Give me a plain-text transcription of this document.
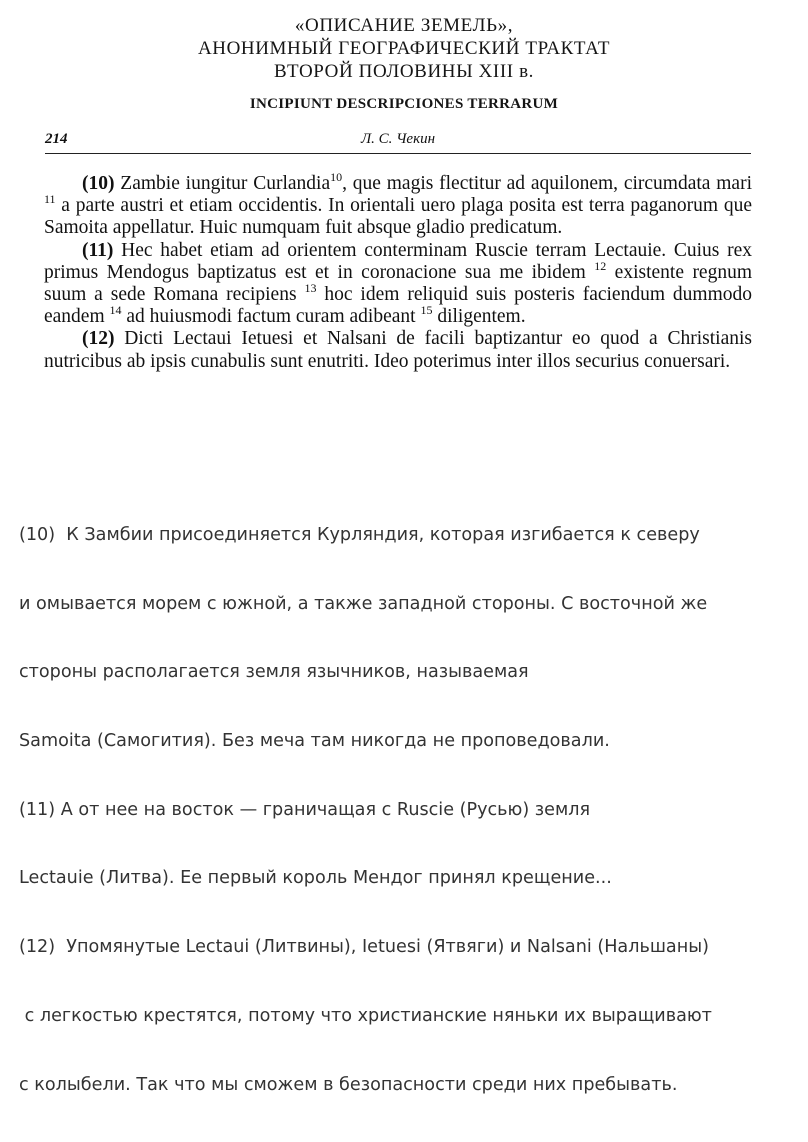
«ОПИСАНИЕ ЗЕМЕЛЬ»,
АНОНИМНЫЙ ГЕОГРАФИЧЕСКИЙ ТРАКТАТ
ВТОРОЙ ПОЛОВИНЫ XIII в.
INCIPIUNT DESCRIPCIONES TERRARUM
214	Л. С. Чекин

(10) Zambie iungitur Curlandia$^{10}$, que magis flectitur ad aquilonem, circumdata mari $^{11}$ a parte austri et etiam occidentis. In orientali uero plaga posita est terra paganorum que Samoita appellatur. Huic numquam fuit absque gladio predicatum.

(11) Hec habet etiam ad orientem conterminam Ruscie terram Lectauie. Cuius rex primus Mendogus baptizatus est et in coronacione sua me ibidem $^{12}$ existente regnum suum a sede Romana recipiens $^{13}$ hoc idem reliquid suis posteris faciendum dummodo eandem $^{14}$ ad huiusmodi factum curam adibeant $^{15}$ diligentem.

(12) Dicti Lectaui Ietuesi et Nalsani de facili baptizantur eo quod a Christianis nutricibus ab ipsis cunabulis sunt enutriti. Ideo poterimus inter illos securius conuersari.

(10)  К Замбии присоединяется Курляндия, которая изгибается к северу

и омывается морем с южной, а также западной стороны. С восточной же

стороны располагается земля язычников, называемая

Samoita (Самогития). Без меча там никогда не проповедовали.

(11) А от нее на восток — граничащая с Ruscie (Русью) земля

Lectauie (Литва). Ее первый король Мендог принял крещение...

(12)  Упомянутые Lectaui (Литвины), Ietuesi (Ятвяги) и Nalsani (Нальшаны)

с легкостью крестятся, потому что христианские няньки их выращивают

с колыбели. Так что мы сможем в безопасности среди них пребывать.
